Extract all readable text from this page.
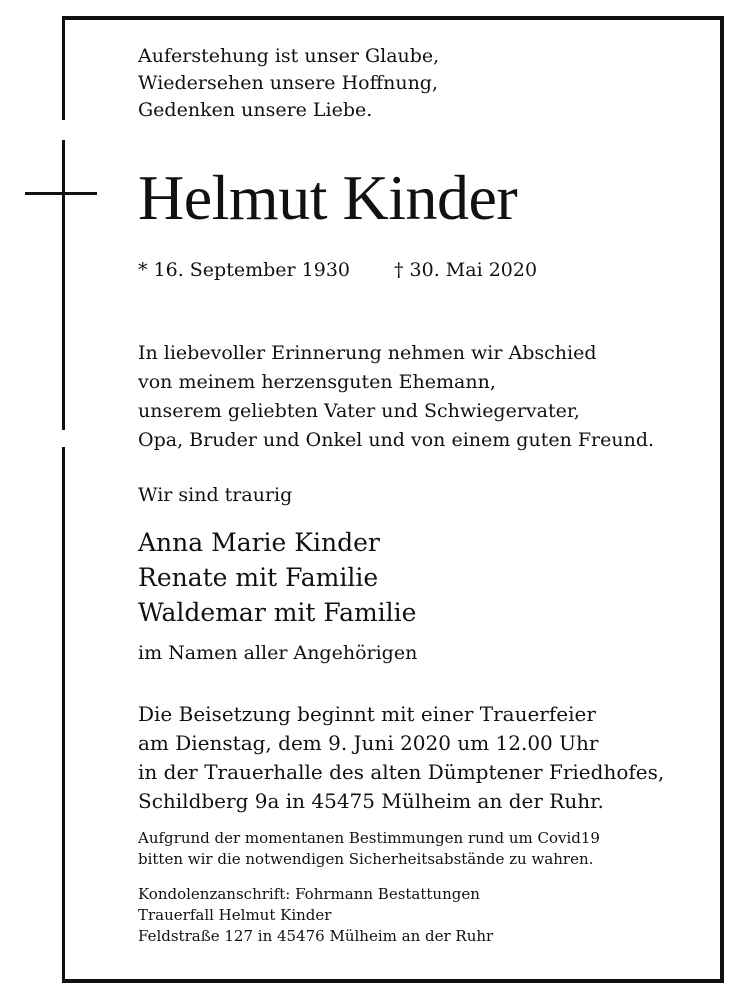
Auferstehung ist unser Glaube,
Wiedersehen unsere Hoffnung,
Gedenken unsere Liebe.
Helmut Kinder
* 16. September 1930 † 30. Mai 2020
In liebevoller Erinnerung nehmen wir Abschied
von meinem herzensguten Ehemann,
unserem geliebten Vater und Schwiegervater,
Opa, Bruder und Onkel und von einem guten Freund.
Wir sind traurig
Anna Marie Kinder
Renate mit Familie
Waldemar mit Familie
im Namen aller Angehörigen
Die Beisetzung beginnt mit einer Trauerfeier
am Dienstag, dem 9. Juni 2020 um 12.00 Uhr
in der Trauerhalle des alten Dümptener Friedhofes,
Schildberg 9a in 45475 Mülheim an der Ruhr.
Aufgrund der momentanen Bestimmungen rund um Covid19
bitten wir die notwendigen Sicherheitsabstände zu wahren.
Kondolenzanschrift: Fohrmann Bestattungen
Trauerfall Helmut Kinder
Feldstraße 127 in 45476 Mülheim an der Ruhr
